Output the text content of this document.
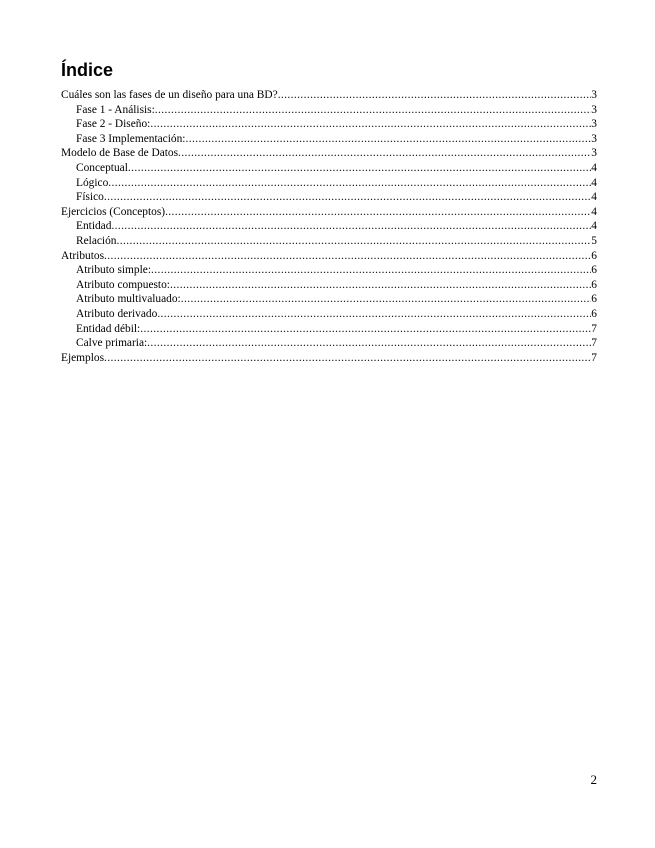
Índice
Cuáles son las fases de un diseño para una BD? .....	3
Fase 1 - Análisis: .....	3
Fase 2 - Diseño: .....	3
Fase 3 Implementación: .....	3
Modelo de Base de Datos .....	3
Conceptual .....	4
Lógico .....	4
Físico .....	4
Ejercicios (Conceptos) .....	4
Entidad .....	4
Relación .....	5
Atributos .....	6
Atributo simple: .....	6
Atributo compuesto: .....	6
Atributo multivaluado: .....	6
Atributo derivado .....	6
Entidad débil: .....	7
Calve primaria: .....	7
Ejemplos .....	7
2
